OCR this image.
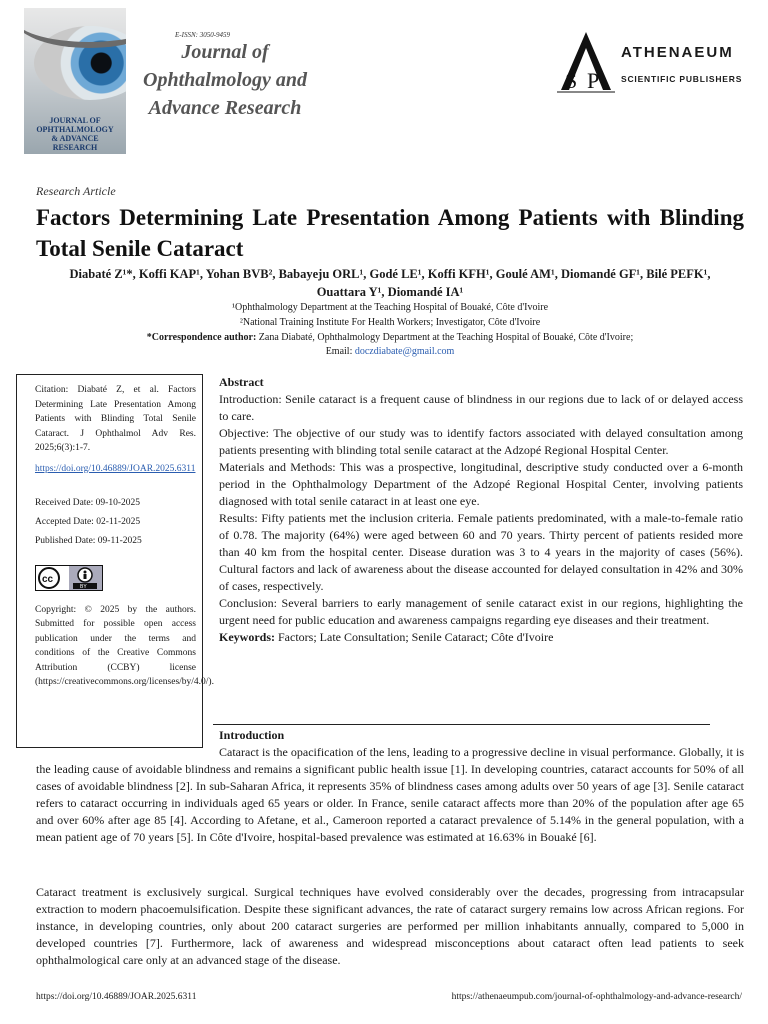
JOURNAL OF
OPHTHALMOLOGY
& ADVANCE
RESEARCH
E-ISSN: 3050-9459
Journal of
Ophthalmology and
Advance Research
S P
ATHENAEUM
SCIENTIFIC PUBLISHERS
Research Article
Factors Determining Late Presentation Among Patients with Blinding Total Senile Cataract
Diabaté Z¹*, Koffi KAP¹, Yohan BVB², Babayeju ORL¹, Godé LE¹, Koffi KFH¹, Goulé AM¹, Diomandé GF¹, Bilé PEFK¹,
Ouattara Y¹, Diomandé IA¹
¹Ophthalmology Department at the Teaching Hospital of Bouaké, Côte d'Ivoire
²National Training Institute For Health Workers; Investigator, Côte d'Ivoire
*Correspondence author: Zana Diabaté, Ophthalmology Department at the Teaching Hospital of Bouaké, Côte d'Ivoire;
Email: doczdiabate@gmail.com
Citation: Diabaté Z, et al. Factors Determining Late Presentation Among Patients with Blinding Total Senile Cataract. J Ophthalmol Adv Res. 2025;6(3):1-7.
https://doi.org/10.46889/JOAR.2025.6311
Received Date: 09-10-2025
Accepted Date: 02-11-2025
Published Date: 09-11-2025
cc
BY
Copyright: © 2025 by the authors. Submitted for possible open access publication under the terms and conditions of the Creative Commons Attribution (CCBY) license (https://creativecommons.org/licenses/by/4.0/).
Abstract

Introduction: Senile cataract is a frequent cause of blindness in our regions due to lack of or delayed access to care.

Objective: The objective of our study was to identify factors associated with delayed consultation among patients presenting with blinding total senile cataract at the Adzopé Regional Hospital Center.

Materials and Methods: This was a prospective, longitudinal, descriptive study conducted over a 6-month period in the Ophthalmology Department of the Adzopé Regional Hospital Center, involving patients diagnosed with total senile cataract in at least one eye.

Results: Fifty patients met the inclusion criteria. Female patients predominated, with a male-to-female ratio of 0.78. The majority (64%) were aged between 60 and 70 years. Thirty percent of patients resided more than 40 km from the hospital center. Disease duration was 3 to 4 years in the majority of cases (56%). Cultural factors and lack of awareness about the disease accounted for delayed consultation in 42% and 30% of cases, respectively.

Conclusion: Several barriers to early management of senile cataract exist in our regions, highlighting the urgent need for public education and awareness campaigns regarding eye diseases and their treatment.

Keywords: Factors; Late Consultation; Senile Cataract; Côte d'Ivoire

Introduction
Cataract is the opacification of the lens, leading to a progressive decline in visual performance. Globally, it is the leading cause of avoidable blindness and remains a significant public health issue [1]. In developing countries, cataract accounts for 50% of all cases of avoidable blindness [2]. In sub-Saharan Africa, it represents 35% of blindness cases among adults over 50 years of age [3]. Senile cataract refers to cataract occurring in individuals aged 65 years or older. In France, senile cataract affects more than 20% of the population after age 65 and over 60% after age 85 [4]. According to Afetane, et al., Cameroon reported a cataract prevalence of 5.14% in the general population, with a mean patient age of 70 years [5]. In Côte d'Ivoire, hospital-based prevalence was estimated at 16.63% in Bouaké [6].
Cataract treatment is exclusively surgical. Surgical techniques have evolved considerably over the decades, progressing from intracapsular extraction to modern phacoemulsification. Despite these significant advances, the rate of cataract surgery remains low across African regions. For instance, in developing countries, only about 200 cataract surgeries are performed per million inhabitants annually, compared to 5,000 in developed countries [7]. Furthermore, lack of awareness and widespread misconceptions about cataract often lead patients to seek ophthalmological care only at an advanced stage of the disease.
https://doi.org/10.46889/JOAR.2025.6311	https://athenaeumpub.com/journal-of-ophthalmology-and-advance-research/
